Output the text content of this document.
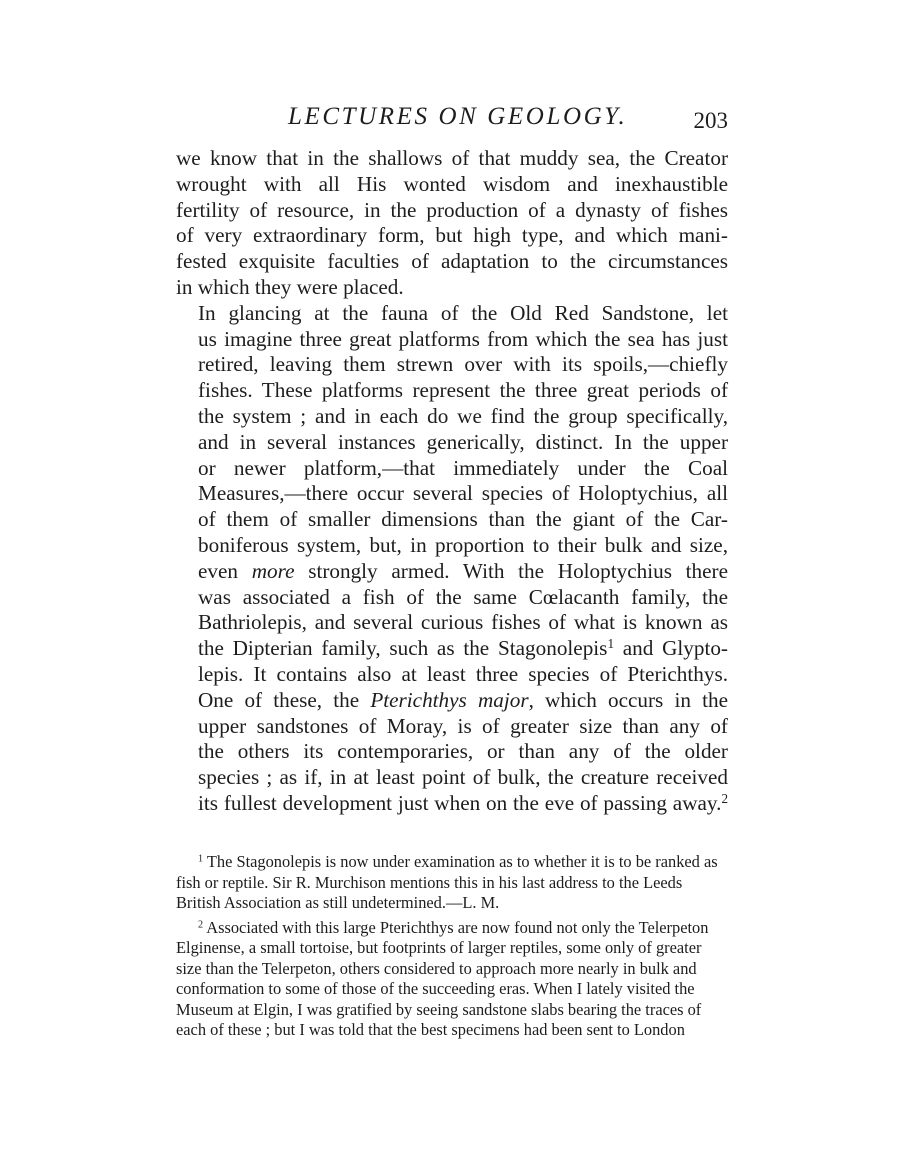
LECTURES ON GEOLOGY.	203

we know that in the shallows of that muddy sea, the Creator
wrought with all His wonted wisdom and inexhaustible
fertility of resource, in the production of a dynasty of fishes
of very extraordinary form, but high type, and which mani-
fested exquisite faculties of adaptation to the circumstances
in which they were placed.

In glancing at the fauna of the Old Red Sandstone, let
us imagine three great platforms from which the sea has just
retired, leaving them strewn over with its spoils,—chiefly
fishes. These platforms represent the three great periods of
the system ; and in each do we find the group specifically,
and in several instances generically, distinct. In the upper
or newer platform,—that immediately under the Coal
Measures,—there occur several species of Holoptychius, all
of them of smaller dimensions than the giant of the Car-
boniferous system, but, in proportion to their bulk and size,
even more strongly armed. With the Holoptychius there
was associated a fish of the same Cœlacanth family, the
Bathriolepis, and several curious fishes of what is known as
the Dipterian family, such as the Stagonolepis$^1$ and Glypto-
lepis. It contains also at least three species of Pterichthys.
One of these, the Pterichthys major, which occurs in the
upper sandstones of Moray, is of greater size than any of
the others its contemporaries, or than any of the older
species ; as if, in at least point of bulk, the creature received
its fullest development just when on the eve of passing away.$^2$

$^1$ The Stagonolepis is now under examination as to whether it is to be ranked as fish or reptile. Sir R. Murchison mentions this in his last address to the Leeds British Association as still undetermined.—L. M.

$^2$ Associated with this large Pterichthys are now found not only the Telerpeton Elginense, a small tortoise, but footprints of larger reptiles, some only of greater size than the Telerpeton, others considered to approach more nearly in bulk and conformation to some of those of the succeeding eras. When I lately visited the Museum at Elgin, I was gratified by seeing sandstone slabs bearing the traces of each of these ; but I was told that the best specimens had been sent to London
